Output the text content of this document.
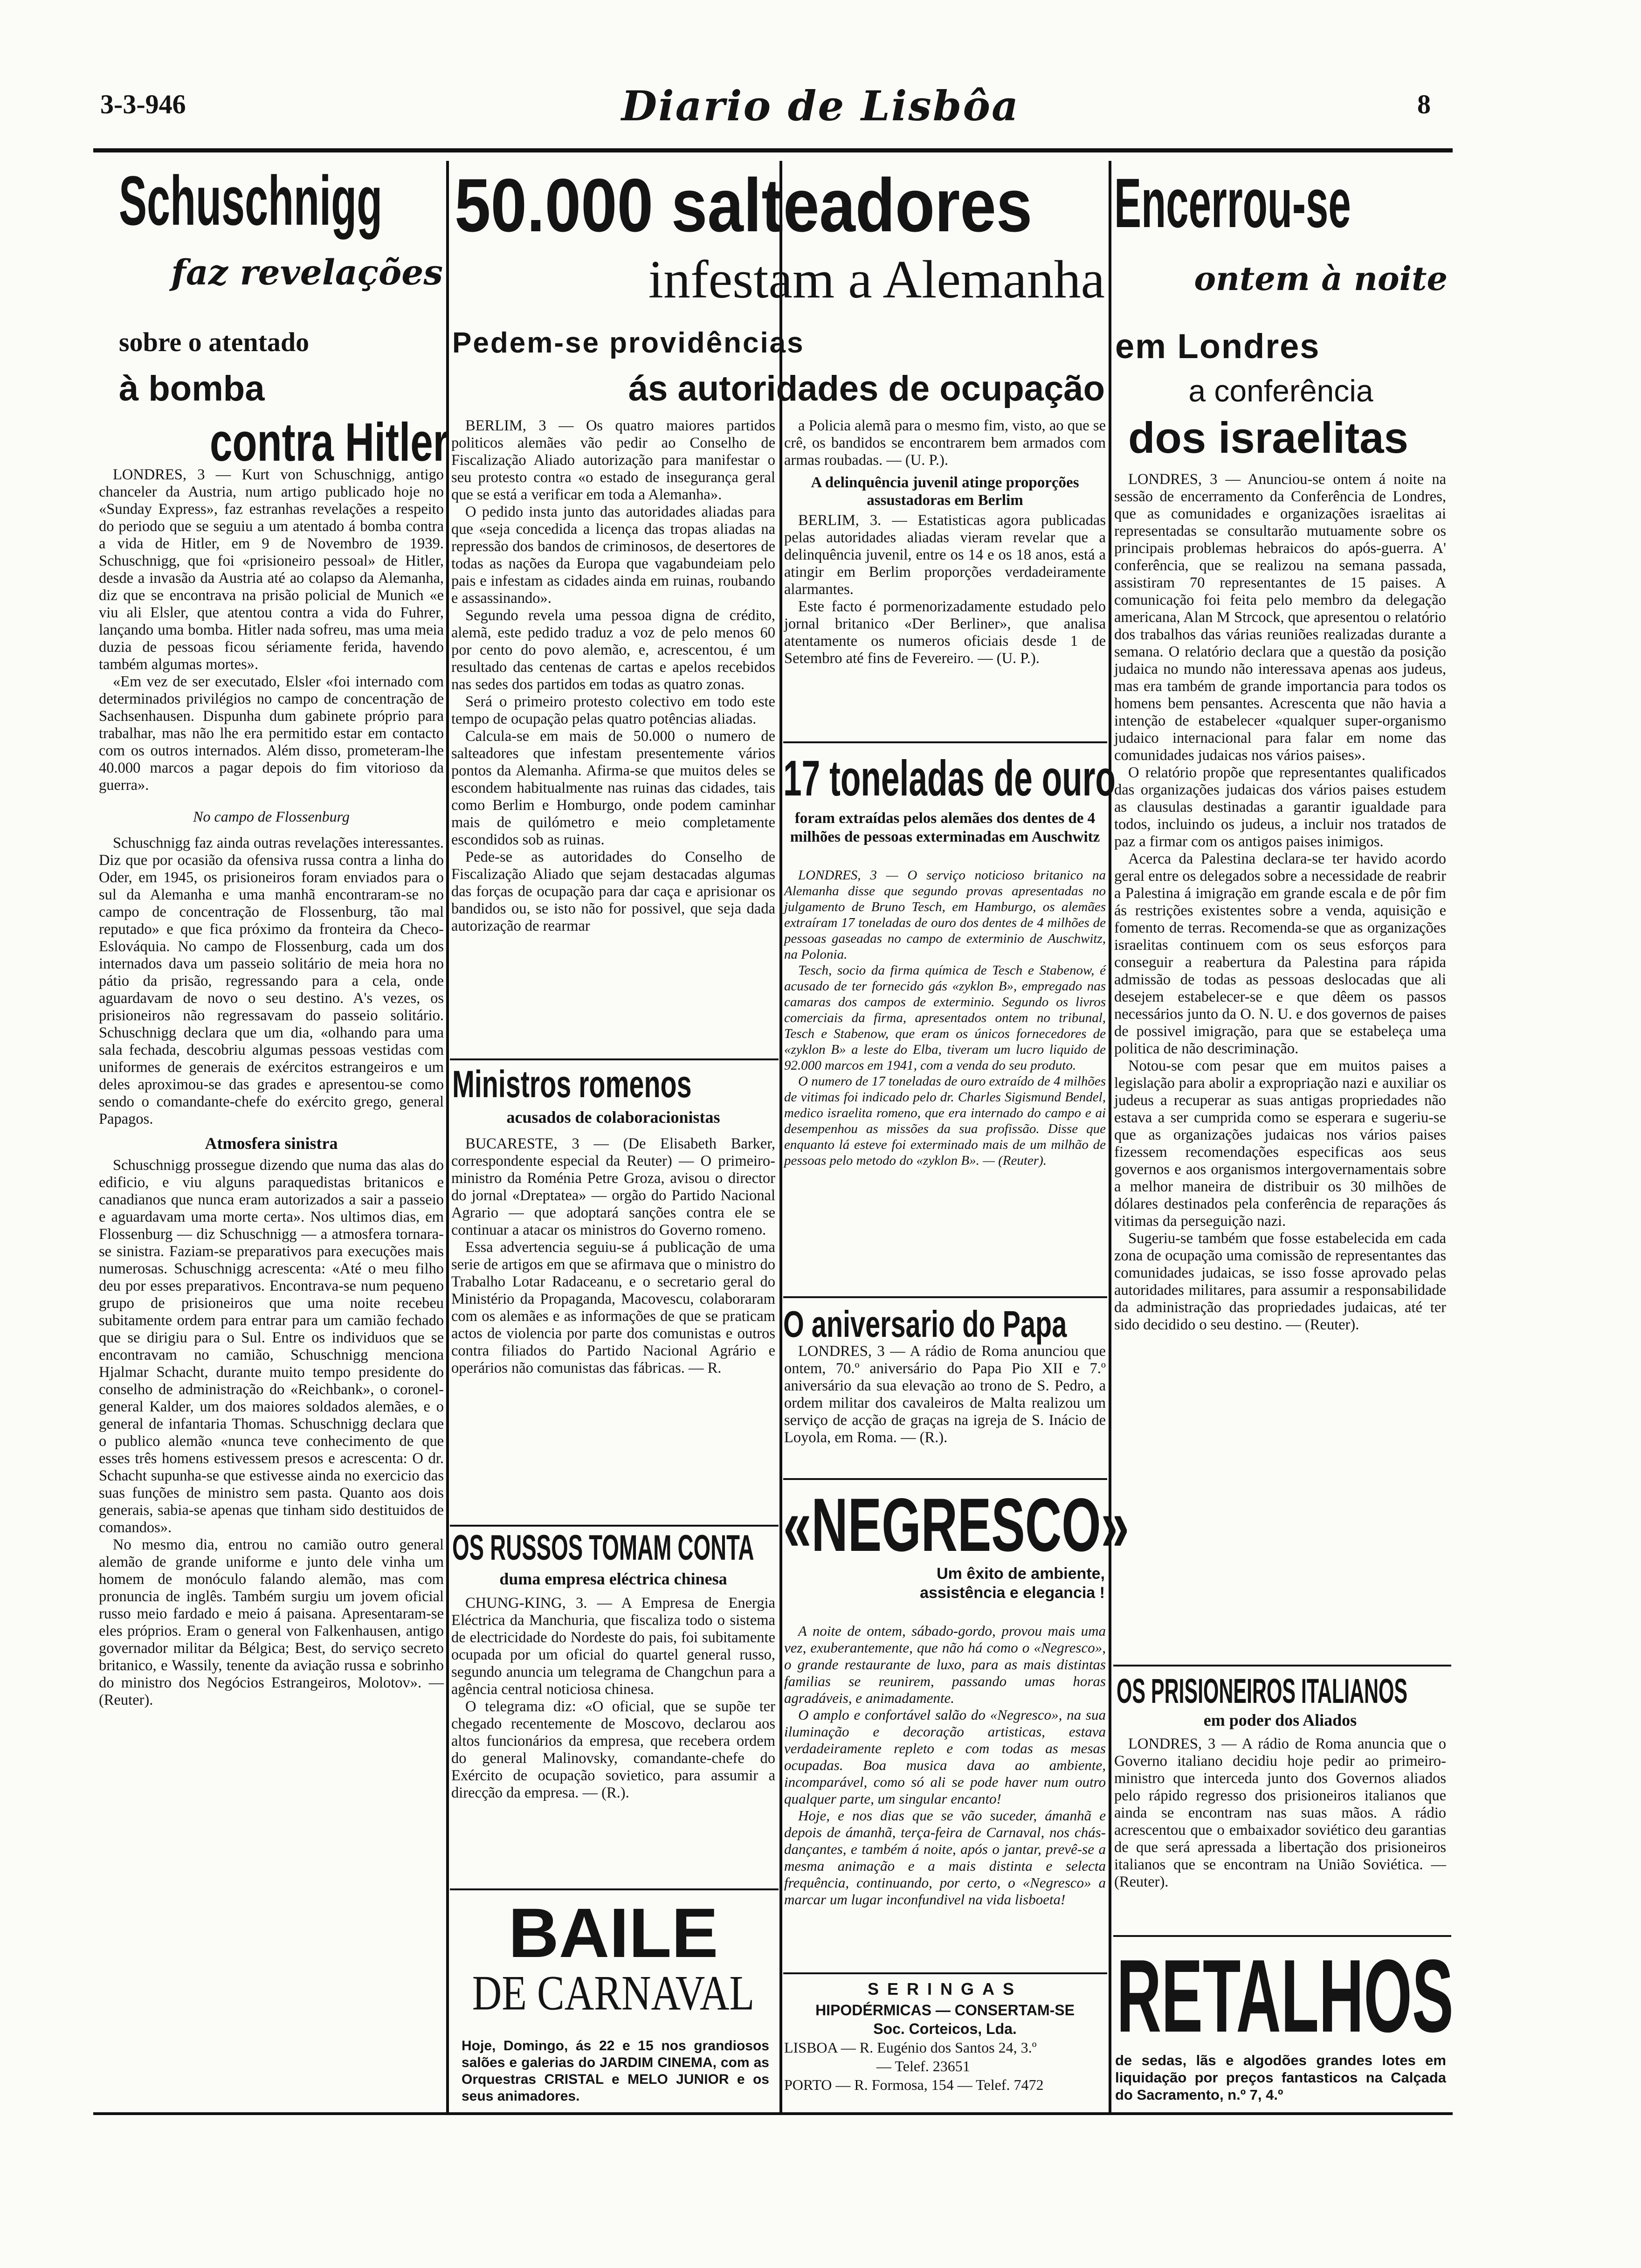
3-3-946	Diario de Lisbôa	8
Schuschnigg
faz revelações
sobre o atentado
à bomba
contra Hitler

LONDRES, 3 — Kurt von Schuschnigg, antigo chanceler da Austria, num artigo publicado hoje no «Sunday Express», faz estranhas revelações a respeito do periodo que se seguiu a um atentado á bomba contra a vida de Hitler, em 9 de Novembro de 1939. Schuschnigg, que foi «prisioneiro pessoal» de Hitler, desde a invasão da Austria até ao colapso da Alemanha, diz que se encontrava na prisão policial de Munich «e viu ali Elsler, que atentou contra a vida do Fuhrer, lançando uma bomba. Hitler nada sofreu, mas uma meia duzia de pessoas ficou sériamente ferida, havendo também algumas mortes».

«Em vez de ser executado, Elsler «foi internado com determinados privilégios no campo de concentração de Sachsenhausen. Dispunha dum gabinete próprio para trabalhar, mas não lhe era permitido estar em contacto com os outros internados. Além disso, prometeram-lhe 40.000 marcos a pagar depois do fim vitorioso da guerra».

No campo de Flossenburg

Schuschnigg faz ainda outras revelações interessantes. Diz que por ocasião da ofensiva russa contra a linha do Oder, em 1945, os prisioneiros foram enviados para o sul da Alemanha e uma manhã encontraram-se no campo de concentração de Flossenburg, tão mal reputado» e que fica próximo da fronteira da Checo-Eslováquia. No campo de Flossenburg, cada um dos internados dava um passeio solitário de meia hora no pátio da prisão, regressando para a cela, onde aguardavam de novo o seu destino. A's vezes, os prisioneiros não regressavam do passeio solitário. Schuschnigg declara que um dia, «olhando para uma sala fechada, descobriu algumas pessoas vestidas com uniformes de generais de exércitos estrangeiros e um deles aproximou-se das grades e apresentou-se como sendo o comandante-chefe do exército grego, general Papagos.

Atmosfera sinistra

Schuschnigg prossegue dizendo que numa das alas do edificio, e viu alguns paraquedistas britanicos e canadianos que nunca eram autorizados a sair a passeio e aguardavam uma morte certa». Nos ultimos dias, em Flossenburg — diz Schuschnigg — a atmosfera tornara-se sinistra. Faziam-se preparativos para execuções mais numerosas. Schuschnigg acrescenta: «Até o meu filho deu por esses preparativos. Encontrava-se num pequeno grupo de prisioneiros que uma noite recebeu subitamente ordem para entrar para um camião fechado que se dirigiu para o Sul. Entre os individuos que se encontravam no camião, Schuschnigg menciona Hjalmar Schacht, durante muito tempo presidente do conselho de administração do «Reichbank», o coronel-general Kalder, um dos maiores soldados alemães, e o general de infantaria Thomas. Schuschnigg declara que o publico alemão «nunca teve conhecimento de que esses três homens estivessem presos e acrescenta: O dr. Schacht supunha-se que estivesse ainda no exercicio das suas funções de ministro sem pasta. Quanto aos dois generais, sabia-se apenas que tinham sido destituidos de comandos».

No mesmo dia, entrou no camião outro general alemão de grande uniforme e junto dele vinha um homem de monóculo falando alemão, mas com pronuncia de inglês. Também surgiu um jovem oficial russo meio fardado e meio á paisana. Apresentaram-se eles próprios. Eram o general von Falkenhausen, antigo governador militar da Bélgica; Best, do serviço secreto britanico, e Wassily, tenente da aviação russa e sobrinho do ministro dos Negócios Estrangeiros, Molotov». — (Reuter).

50.000 salteadores
infestam a Alemanha
Pedem-se providências
ás autoridades de ocupação

BERLIM, 3 — Os quatro maiores partidos politicos alemães vão pedir ao Conselho de Fiscalização Aliado autorização para manifestar o seu protesto contra «o estado de insegurança geral que se está a verificar em toda a Alemanha».

O pedido insta junto das autoridades aliadas para que «seja concedida a licença das tropas aliadas na repressão dos bandos de criminosos, de desertores de todas as nações da Europa que vagabundeiam pelo pais e infestam as cidades ainda em ruinas, roubando e assassinando».

Segundo revela uma pessoa digna de crédito, alemã, este pedido traduz a voz de pelo menos 60 por cento do povo alemão, e, acrescentou, é um resultado das centenas de cartas e apelos recebidos nas sedes dos partidos em todas as quatro zonas.

Será o primeiro protesto colectivo em todo este tempo de ocupação pelas quatro potências aliadas.

Calcula-se em mais de 50.000 o numero de salteadores que infestam presentemente vários pontos da Alemanha. Afirma-se que muitos deles se escondem habitualmente nas ruinas das cidades, tais como Berlim e Homburgo, onde podem caminhar mais de quilómetro e meio completamente escondidos sob as ruinas.

Pede-se as autoridades do Conselho de Fiscalização Aliado que sejam destacadas algumas das forças de ocupação para dar caça e aprisionar os bandidos ou, se isto não for possivel, que seja dada autorização de rearmar

a Policia alemã para o mesmo fim, visto, ao que se crê, os bandidos se encontrarem bem armados com armas roubadas. — (U. P.).

A delinquência juvenil atinge proporções assustadoras em Berlim

BERLIM, 3. — Estatisticas agora publicadas pelas autoridades aliadas vieram revelar que a delinquência juvenil, entre os 14 e os 18 anos, está a atingir em Berlim proporções verdadeiramente alarmantes.

Este facto é pormenorizadamente estudado pelo jornal britanico «Der Berliner», que analisa atentamente os numeros oficiais desde 1 de Setembro até fins de Fevereiro. — (U. P.).

17 toneladas de ouro
foram extraídas pelos alemães dos dentes de 4 milhões de pessoas exterminadas em Auschwitz

LONDRES, 3 — O serviço noticioso britanico na Alemanha disse que segundo provas apresentadas no julgamento de Bruno Tesch, em Hamburgo, os alemães extraíram 17 toneladas de ouro dos dentes de 4 milhões de pessoas gaseadas no campo de exterminio de Auschwitz, na Polonia.

Tesch, socio da firma química de Tesch e Stabenow, é acusado de ter fornecido gás «zyklon B», empregado nas camaras dos campos de exterminio. Segundo os livros comerciais da firma, apresentados ontem no tribunal, Tesch e Stabenow, que eram os únicos fornecedores de «zyklon B» a leste do Elba, tiveram um lucro liquido de 92.000 marcos em 1941, com a venda do seu produto.

O numero de 17 toneladas de ouro extraído de 4 milhões de vitimas foi indicado pelo dr. Charles Sigismund Bendel, medico israelita romeno, que era internado do campo e ai desempenhou as missões da sua profissão. Disse que enquanto lá esteve foi exterminado mais de um milhão de pessoas pelo metodo do «zyklon B». — (Reuter).

Ministros romenos
acusados de colaboracionistas

BUCARESTE, 3 — (De Elisabeth Barker, correspondente especial da Reuter) — O primeiro-ministro da Roménia Petre Groza, avisou o director do jornal «Dreptatea» — orgão do Partido Nacional Agrario — que adoptará sanções contra ele se continuar a atacar os ministros do Governo romeno.

Essa advertencia seguiu-se á publicação de uma serie de artigos em que se afirmava que o ministro do Trabalho Lotar Radaceanu, e o secretario geral do Ministério da Propaganda, Macovescu, colaboraram com os alemães e as informações de que se praticam actos de violencia por parte dos comunistas e outros contra filiados do Partido Nacional Agrário e operários não comunistas das fábricas. — R.

OS RUSSOS TOMAM CONTA
duma empresa eléctrica chinesa

CHUNG-KING, 3. — A Empresa de Energia Eléctrica da Manchuria, que fiscaliza todo o sistema de electricidade do Nordeste do pais, foi subitamente ocupada por um oficial do quartel general russo, segundo anuncia um telegrama de Changchun para a agência central noticiosa chinesa.

O telegrama diz: «O oficial, que se supõe ter chegado recentemente de Moscovo, declarou aos altos funcionários da empresa, que recebera ordem do general Malinovsky, comandante-chefe do Exército de ocupação sovietico, para assumir a direcção da empresa. — (R.).

BAILE
DE CARNAVAL
Hoje, Domingo, ás 22 e 15 nos grandiosos salões e galerias do JARDIM CINEMA, com as Orquestras CRISTAL e MELO JUNIOR e os seus animadores.
O aniversario do Papa

LONDRES, 3 — A rádio de Roma anunciou que ontem, 70.º aniversário do Papa Pio XII e 7.º aniversário da sua elevação ao trono de S. Pedro, a ordem militar dos cavaleiros de Malta realizou um serviço de acção de graças na igreja de S. Inácio de Loyola, em Roma. — (R.).

«NEGRESCO»
Um êxito de ambiente, assistência e elegancia !

A noite de ontem, sábado-gordo, provou mais uma vez, exuberantemente, que não há como o «Negresco», o grande restaurante de luxo, para as mais distintas familias se reunirem, passando umas horas agradáveis, e animadamente.

O amplo e confortável salão do «Negresco», na sua iluminação e decoração artisticas, estava verdadeiramente repleto e com todas as mesas ocupadas. Boa musica dava ao ambiente, incomparável, como só ali se pode haver num outro qualquer parte, um singular encanto!

Hoje, e nos dias que se vão suceder, ámanhã e depois de ámanhã, terça-feira de Carnaval, nos chás-dançantes, e também á noite, após o jantar, prevê-se a mesma animação e a mais distinta e selecta frequência, continuando, por certo, o «Negresco» a marcar um lugar inconfundivel na vida lisboeta!

SERINGAS
HIPODÉRMICAS — CONSERTAM-SE
Soc. Corteicos, Lda.
LISBOA — R. Eugénio dos Santos 24, 3.º
— Telef. 23651
PORTO — R. Formosa, 154 — Telef. 7472
Encerrou-se
ontem à noite
em Londres
a conferência
dos israelitas

LONDRES, 3 — Anunciou-se ontem á noite na sessão de encerramento da Conferência de Londres, que as comunidades e organizações israelitas ai representadas se consultarão mutuamente sobre os principais problemas hebraicos do após-guerra. A' conferência, que se realizou na semana passada, assistiram 70 representantes de 15 paises. A comunicação foi feita pelo membro da delegação americana, Alan M Strcock, que apresentou o relatório dos trabalhos das várias reuniões realizadas durante a semana. O relatório declara que a questão da posição judaica no mundo não interessava apenas aos judeus, mas era também de grande importancia para todos os homens bem pensantes. Acrescenta que não havia a intenção de estabelecer «qualquer super-organismo judaico internacional para falar em nome das comunidades judaicas nos vários paises».

O relatório propõe que representantes qualificados das organizações judaicas dos vários paises estudem as clausulas destinadas a garantir igualdade para todos, incluindo os judeus, a incluir nos tratados de paz a firmar com os antigos paises inimigos.

Acerca da Palestina declara-se ter havido acordo geral entre os delegados sobre a necessidade de reabrir a Palestina á imigração em grande escala e de pôr fim ás restrições existentes sobre a venda, aquisição e fomento de terras. Recomenda-se que as organizações israelitas continuem com os seus esforços para conseguir a reabertura da Palestina para rápida admissão de todas as pessoas deslocadas que ali desejem estabelecer-se e que dêem os passos necessários junto da O. N. U. e dos governos de paises de possivel imigração, para que se estabeleça uma politica de não descriminação.

Notou-se com pesar que em muitos paises a legislação para abolir a expropriação nazi e auxiliar os judeus a recuperar as suas antigas propriedades não estava a ser cumprida como se esperara e sugeriu-se que as organizações judaicas nos vários paises fizessem recomendações especificas aos seus governos e aos organismos intergovernamentais sobre a melhor maneira de distribuir os 30 milhões de dólares destinados pela conferência de reparações ás vitimas da perseguição nazi.

Sugeriu-se também que fosse estabelecida em cada zona de ocupação uma comissão de representantes das comunidades judaicas, se isso fosse aprovado pelas autoridades militares, para assumir a responsabilidade da administração das propriedades judaicas, até ter sido decidido o seu destino. — (Reuter).

OS PRISIONEIROS ITALIANOS
em poder dos Aliados

LONDRES, 3 — A rádio de Roma anuncia que o Governo italiano decidiu hoje pedir ao primeiro-ministro que interceda junto dos Governos aliados pelo rápido regresso dos prisioneiros italianos que ainda se encontram nas suas mãos. A rádio acrescentou que o embaixador soviético deu garantias de que será apressada a libertação dos prisioneiros italianos que se encontram na União Soviética. — (Reuter).

RETALHOS
de sedas, lãs e algodões grandes lotes em liquidação por preços fantasticos na Calçada do Sacramento, n.º 7, 4.º
